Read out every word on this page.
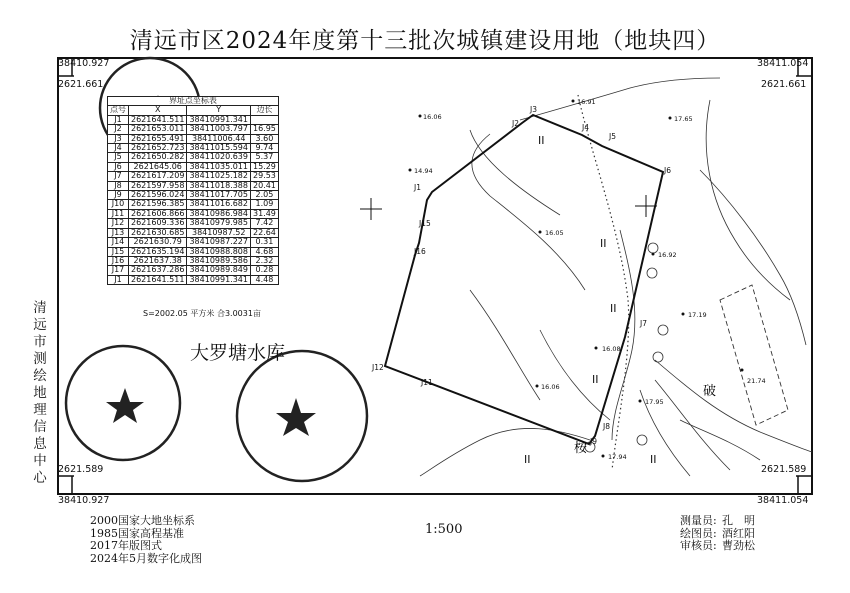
清远市区2024年度第十三批次城镇建设用地（地块四）
38410.927	38411.054
2621.661	2621.661
2621.589	2621.589
38410.927	38411.054
J1
J2
J3
J4
J5
J6
J7
J8
J9
J11
J12
J15
J16
16.06
16.91
17.65
14.94
16.05
16.92
17.19
16.08
16.06
17.95
17.94
21.74
II
II
II
II
II	II
桉
破
界址点坐标表			
点号	X	Y	边长
J1	2621641.511	38410991.341	
J2	2621653.011	38411003.797	16.95
J3	2621655.491	38411006.44	3.60
J4	2621652.723	38411015.594	9.74
J5	2621650.282	38411020.639	5.37
J6	2621645.06	38411035.011	15.29
J7	2621617.209	38411025.182	29.53
J8	2621597.958	38411018.388	20.41
J9	2621596.024	38411017.705	2.05
J10	2621596.385	38411016.682	1.09
J11	2621606.866	38410986.984	31.49
J12	2621609.336	38410979.985	7.42
J13	2621630.685	38410987.52	22.64
J14	2621630.79	38410987.227	0.31
J15	2621635.194	38410988.808	4.68
J16	2621637.38	38410989.586	2.32
J17	2621637.286	38410989.849	0.28
J1	2621641.511	38410991.341	4.48
S=2002.05 平方米 合3.0031亩
大罗塘水库
清
远
市
测
绘
地
理
信
息
中
心
2000国家大地坐标系
1985国家高程基准
2017年版图式
2024年5月数字化成图
1:500
测量员: 孔　明
绘图员: 酒红阳
审核员: 曹劲松
